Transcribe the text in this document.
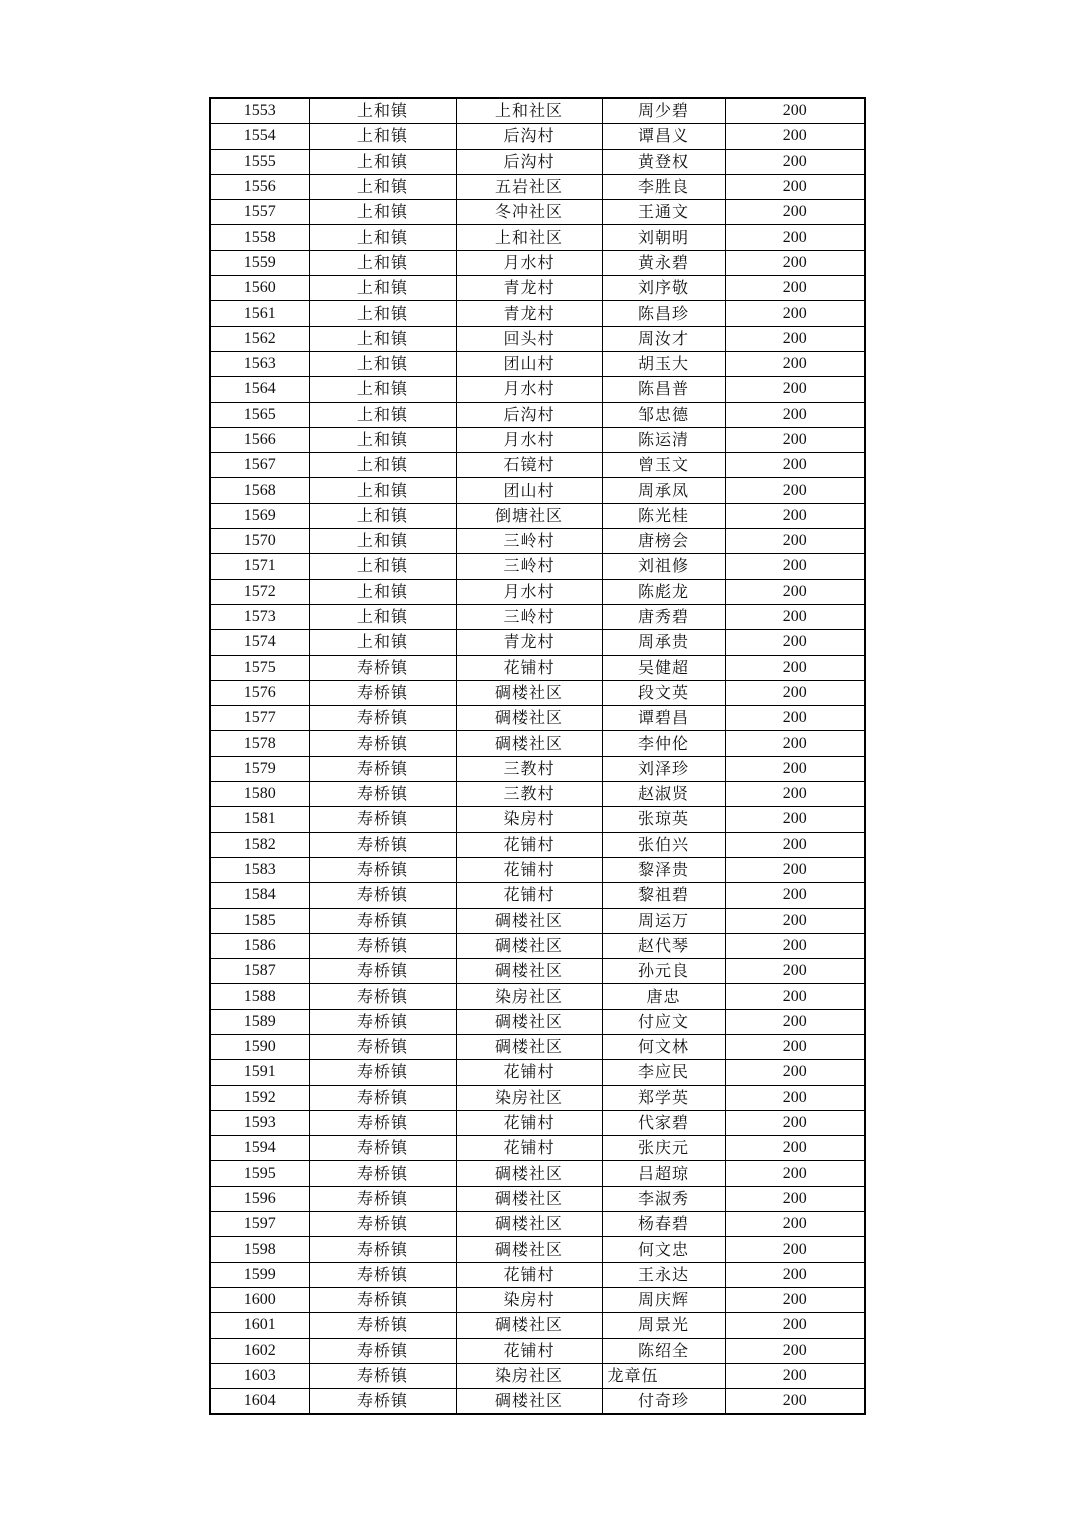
1553	上和镇	上和社区	周少碧	200
1554	上和镇	后沟村	谭昌义	200
1555	上和镇	后沟村	黄登权	200
1556	上和镇	五岩社区	李胜良	200
1557	上和镇	冬冲社区	王通文	200
1558	上和镇	上和社区	刘朝明	200
1559	上和镇	月水村	黄永碧	200
1560	上和镇	青龙村	刘序敬	200
1561	上和镇	青龙村	陈昌珍	200
1562	上和镇	回头村	周汝才	200
1563	上和镇	团山村	胡玉大	200
1564	上和镇	月水村	陈昌普	200
1565	上和镇	后沟村	邹忠德	200
1566	上和镇	月水村	陈运清	200
1567	上和镇	石镜村	曾玉文	200
1568	上和镇	团山村	周承凤	200
1569	上和镇	倒塘社区	陈光桂	200
1570	上和镇	三岭村	唐榜会	200
1571	上和镇	三岭村	刘祖修	200
1572	上和镇	月水村	陈彪龙	200
1573	上和镇	三岭村	唐秀碧	200
1574	上和镇	青龙村	周承贵	200
1575	寿桥镇	花铺村	吴健超	200
1576	寿桥镇	碉楼社区	段文英	200
1577	寿桥镇	碉楼社区	谭碧昌	200
1578	寿桥镇	碉楼社区	李仲伦	200
1579	寿桥镇	三教村	刘泽珍	200
1580	寿桥镇	三教村	赵淑贤	200
1581	寿桥镇	染房村	张琼英	200
1582	寿桥镇	花铺村	张伯兴	200
1583	寿桥镇	花铺村	黎泽贵	200
1584	寿桥镇	花铺村	黎祖碧	200
1585	寿桥镇	碉楼社区	周运万	200
1586	寿桥镇	碉楼社区	赵代琴	200
1587	寿桥镇	碉楼社区	孙元良	200
1588	寿桥镇	染房社区	唐忠	200
1589	寿桥镇	碉楼社区	付应文	200
1590	寿桥镇	碉楼社区	何文林	200
1591	寿桥镇	花铺村	李应民	200
1592	寿桥镇	染房社区	郑学英	200
1593	寿桥镇	花铺村	代家碧	200
1594	寿桥镇	花铺村	张庆元	200
1595	寿桥镇	碉楼社区	吕超琼	200
1596	寿桥镇	碉楼社区	李淑秀	200
1597	寿桥镇	碉楼社区	杨春碧	200
1598	寿桥镇	碉楼社区	何文忠	200
1599	寿桥镇	花铺村	王永达	200
1600	寿桥镇	染房村	周庆辉	200
1601	寿桥镇	碉楼社区	周景光	200
1602	寿桥镇	花铺村	陈绍全	200
1603	寿桥镇	染房社区	龙章伍	200
1604	寿桥镇	碉楼社区	付奇珍	200
